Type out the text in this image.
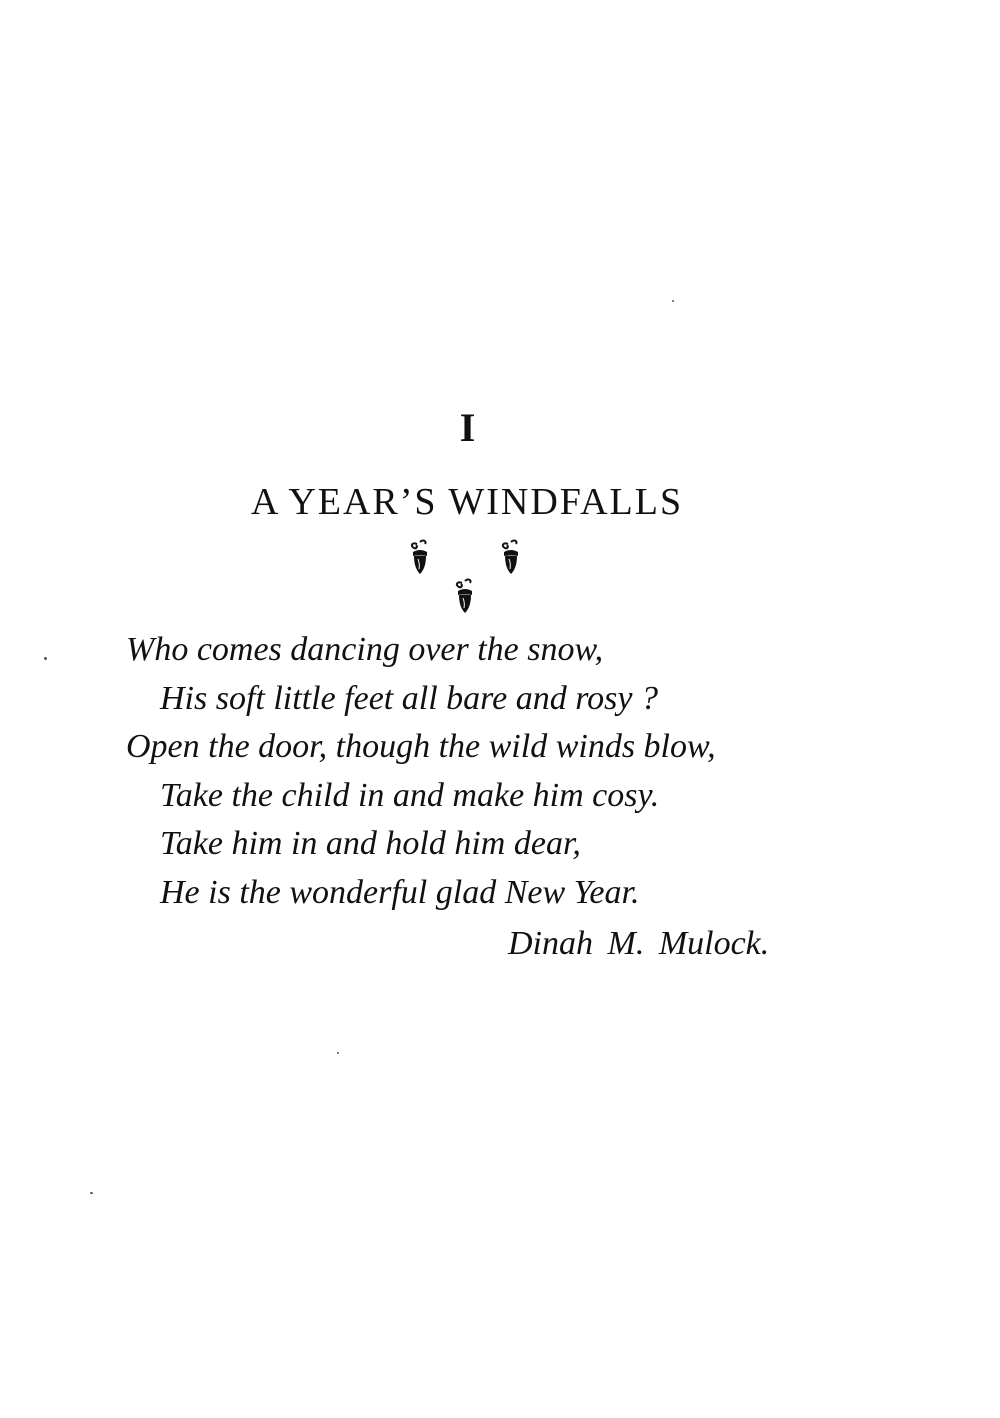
I
A YEAR’S WINDFALLS
Who comes dancing over the snow,
His soft little feet all bare and rosy ?
Open the door, though the wild winds blow,
Take the child in and make him cosy.
Take him in and hold him dear,
He is the wonderful glad New Year.
Dinah M. Mulock.
